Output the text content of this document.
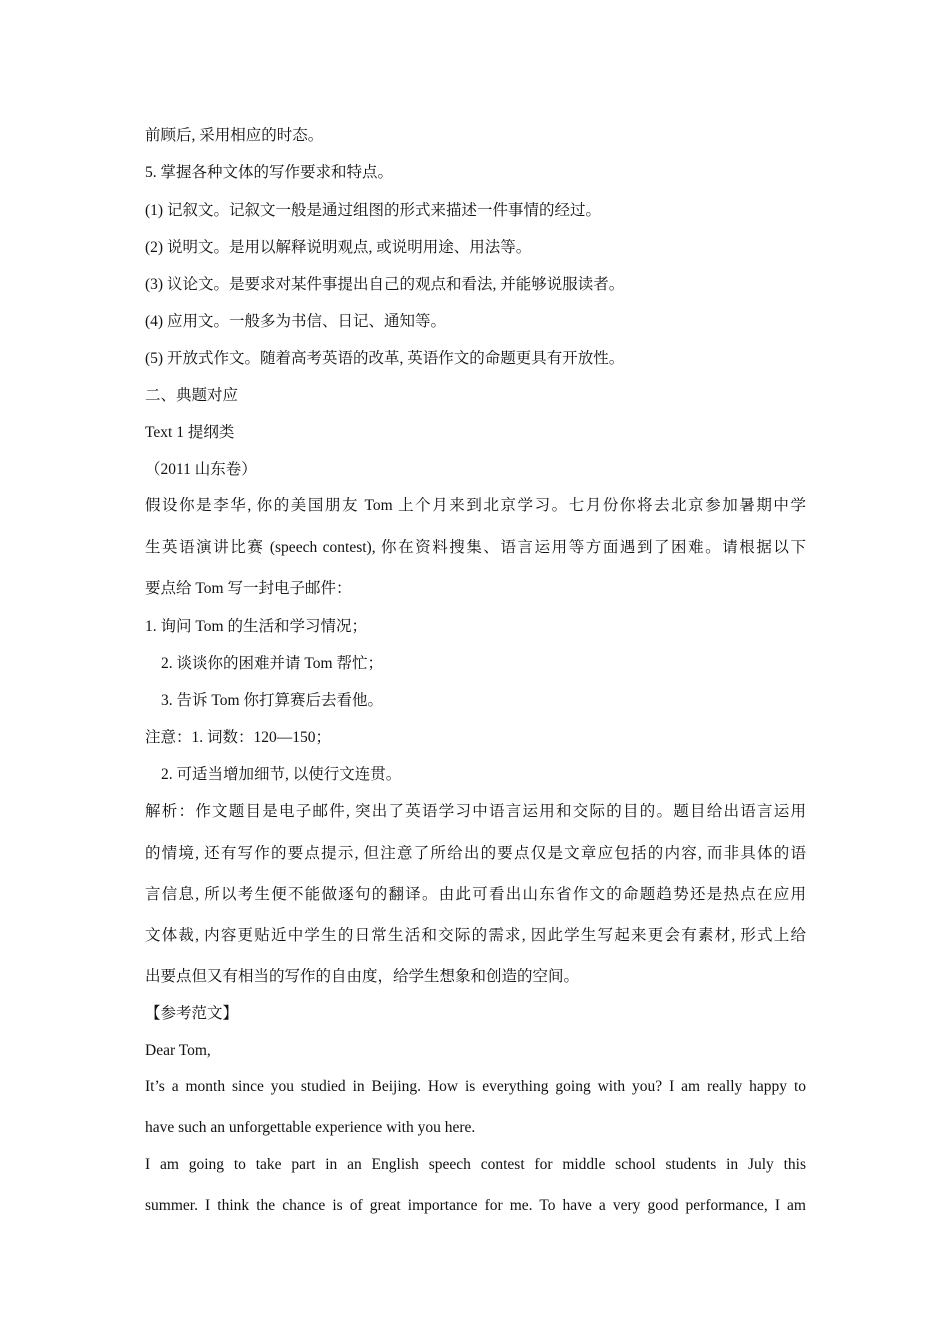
前顾后, 采用相应的时态。
5. 掌握各种文体的写作要求和特点。
(1) 记叙文。记叙文一般是通过组图的形式来描述一件事情的经过。
(2) 说明文。是用以解释说明观点, 或说明用途、用法等。
(3) 议论文。是要求对某件事提出自己的观点和看法, 并能够说服读者。
(4) 应用文。一般多为书信、日记、通知等。
(5) 开放式作文。随着高考英语的改革, 英语作文的命题更具有开放性。
二、典题对应
Text 1 提纲类
（2011 山东卷）
假设你是李华, 你的美国朋友 Tom 上个月来到北京学习。七月份你将去北京参加暑期中学
生英语演讲比赛 (speech contest), 你在资料搜集、语言运用等方面遇到了困难。请根据以下
要点给 Tom 写一封电子邮件：
1. 询问 Tom 的生活和学习情况；
2. 谈谈你的困难并请 Tom 帮忙；
3. 告诉 Tom 你打算赛后去看他。
注意：1. 词数：120—150；
2. 可适当增加细节, 以使行文连贯。
解析：作文题目是电子邮件, 突出了英语学习中语言运用和交际的目的。题目给出语言运用
的情境, 还有写作的要点提示, 但注意了所给出的要点仅是文章应包括的内容, 而非具体的语
言信息, 所以考生便不能做逐句的翻译。由此可看出山东省作文的命题趋势还是热点在应用
文体裁, 内容更贴近中学生的日常生活和交际的需求, 因此学生写起来更会有素材, 形式上给
出要点但又有相当的写作的自由度，给学生想象和创造的空间。
【参考范文】
Dear Tom,
It’s a month since you studied in Beijing. How is everything going with you? I am really happy to
have such an unforgettable experience with you here.
I am going to take part in an English speech contest for middle school students in July this
summer. I think the chance is of great importance for me. To have a very good performance, I am
